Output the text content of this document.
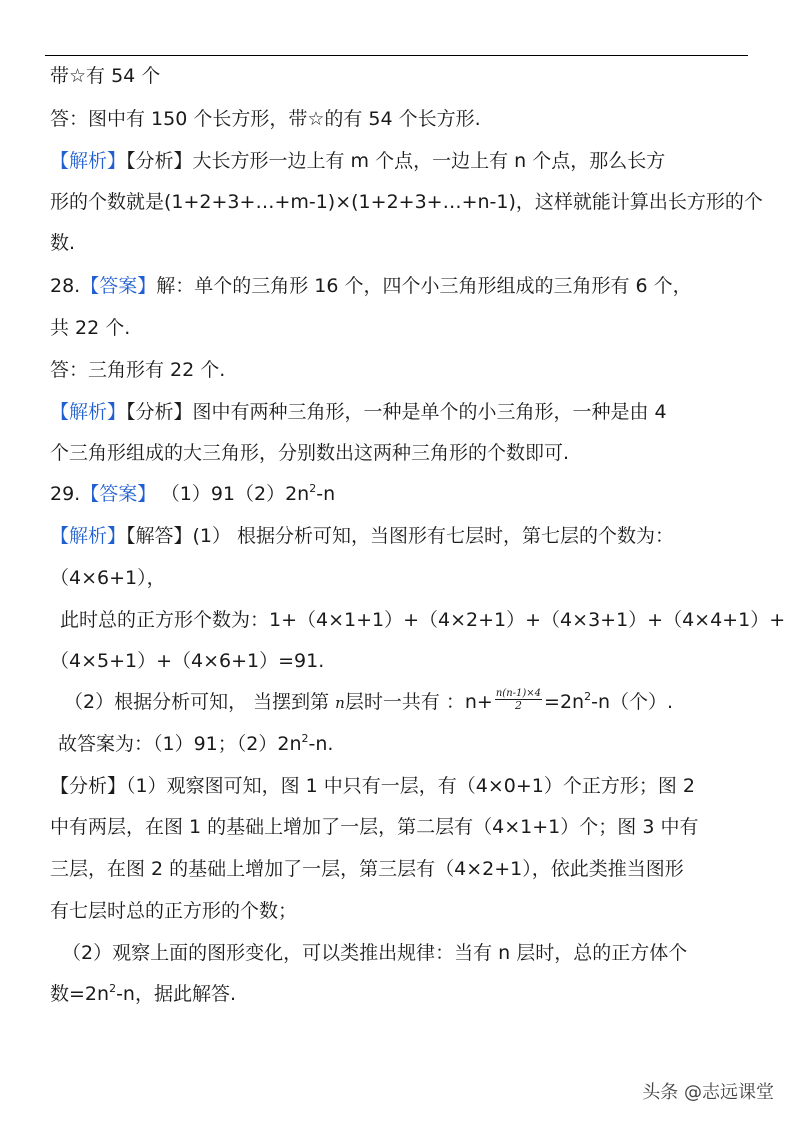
带☆有 54 个
答：图中有 150 个长方形，带☆的有 54 个长方形.
【解析】【分析】大长方形一边上有 m 个点，一边上有 n 个点，那么长方
形的个数就是(1+2+3+…+m-1)×(1+2+3+…+n-1)，这样就能计算出长方形的个
数.
28.【答案】解：单个的三角形 16 个，四个小三角形组成的三角形有 6 个，
共 22 个.
答：三角形有 22 个.
【解析】【分析】图中有两种三角形，一种是单个的小三角形，一种是由 4
个三角形组成的大三角形，分别数出这两种三角形的个数即可.
29.【答案】 $(1)91(2)2n^2-n$
【解析】【解答】(1） 根据分析可知，当图形有七层时，第七层的个数为：
（4×6+1），
此时总的正方形个数为：1+（4×1+1）+（4×2+1）+（4×3+1）+（4×4+1）+
（4×5+1）+（4×6+1）=91.
（2）根据分析可知， 当摆到第 n层时一共有 ：$n+ \frac{n(n-1)\times 4}{2} =2n^2-n$（个）.
故答案为：（1）91；$(2)2n^2-n$.
【分析】（1）观察图可知，图 1 中只有一层，有（4×0+1）个正方形；图 2
中有两层，在图 1 的基础上增加了一层，第二层有（4×1+1）个；图 3 中有
三层，在图 2 的基础上增加了一层，第三层有（4×2+1），依此类推当图形
有七层时总的正方形的个数；
（2）观察上面的图形变化，可以类推出规律：当有 n 层时，总的正方体个
数$=2n^2-n$，据此解答.
头条 @志远课堂
